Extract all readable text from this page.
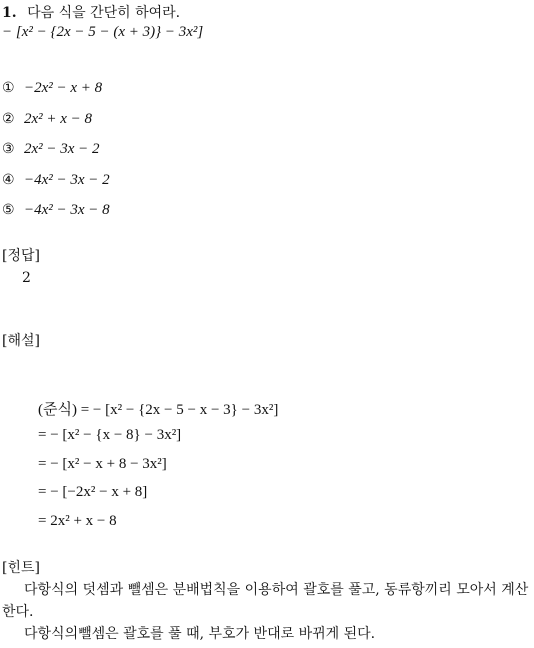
1. 다음 식을 간단히 하여라.
− [x² − {2x − 5 − (x + 3)} − 3x²]
① −2x² − x + 8
② 2x² + x − 8
③ 2x² − 3x − 2
④ −4x² − 3x − 2
⑤ −4x² − 3x − 8
[정답]
2
[해설]
(준식) = − [x² − {2x − 5 − x − 3} − 3x²]
= − [x² − {x − 8} − 3x²]
= − [x² − x + 8 − 3x²]
= − [−2x² − x + 8]
= 2x² + x − 8
[힌트]

다항식의 덧셈과 뺄셈은 분배법칙을 이용하여 괄호를 풀고, 동류항끼리 모아서 계산한다.

다항식의뺄셈은 괄호를 풀 때, 부호가 반대로 바뀌게 된다.
